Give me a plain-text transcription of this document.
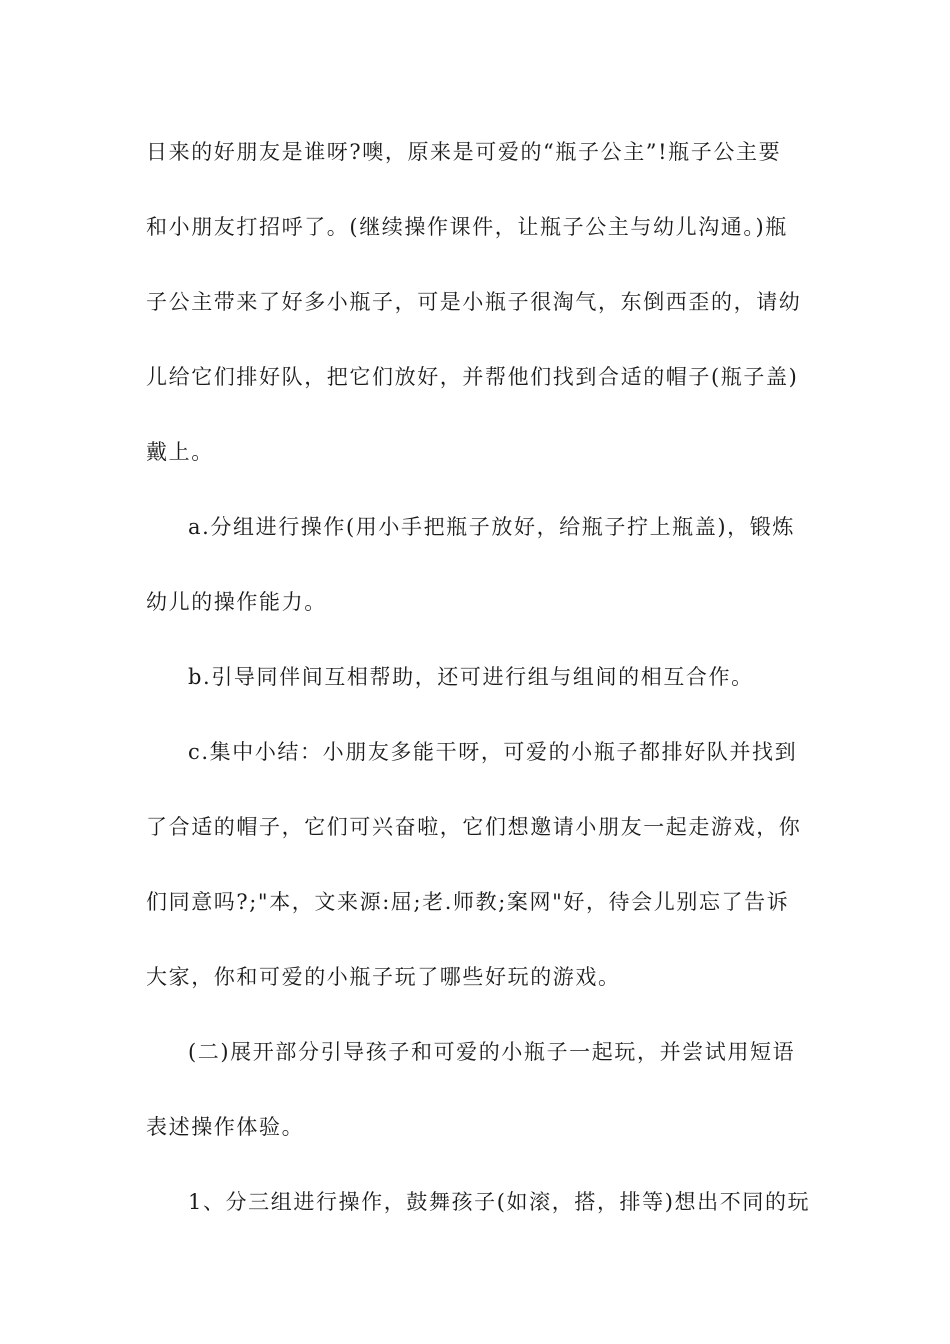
日来的好朋友是谁呀?噢，原来是可爱的“瓶子公主”!瓶子公主要
和小朋友打招呼了。(继续操作课件，让瓶子公主与幼儿沟通。)瓶
子公主带来了好多小瓶子，可是小瓶子很淘气，东倒西歪的，请幼
儿给它们排好队，把它们放好，并帮他们找到合适的帽子(瓶子盖)
戴上。
a.分组进行操作(用小手把瓶子放好，给瓶子拧上瓶盖)，锻炼
幼儿的操作能力。
b.引导同伴间互相帮助，还可进行组与组间的相互合作。
c.集中小结：小朋友多能干呀，可爱的小瓶子都排好队并找到
了合适的帽子，它们可兴奋啦，它们想邀请小朋友一起走游戏，你
们同意吗?;"本，文来源:屈;老.师教;案网"好，待会儿别忘了告诉
大家，你和可爱的小瓶子玩了哪些好玩的游戏。
(二)展开部分引导孩子和可爱的小瓶子一起玩，并尝试用短语
表述操作体验。
1、分三组进行操作，鼓舞孩子(如滚，搭，排等)想出不同的玩
